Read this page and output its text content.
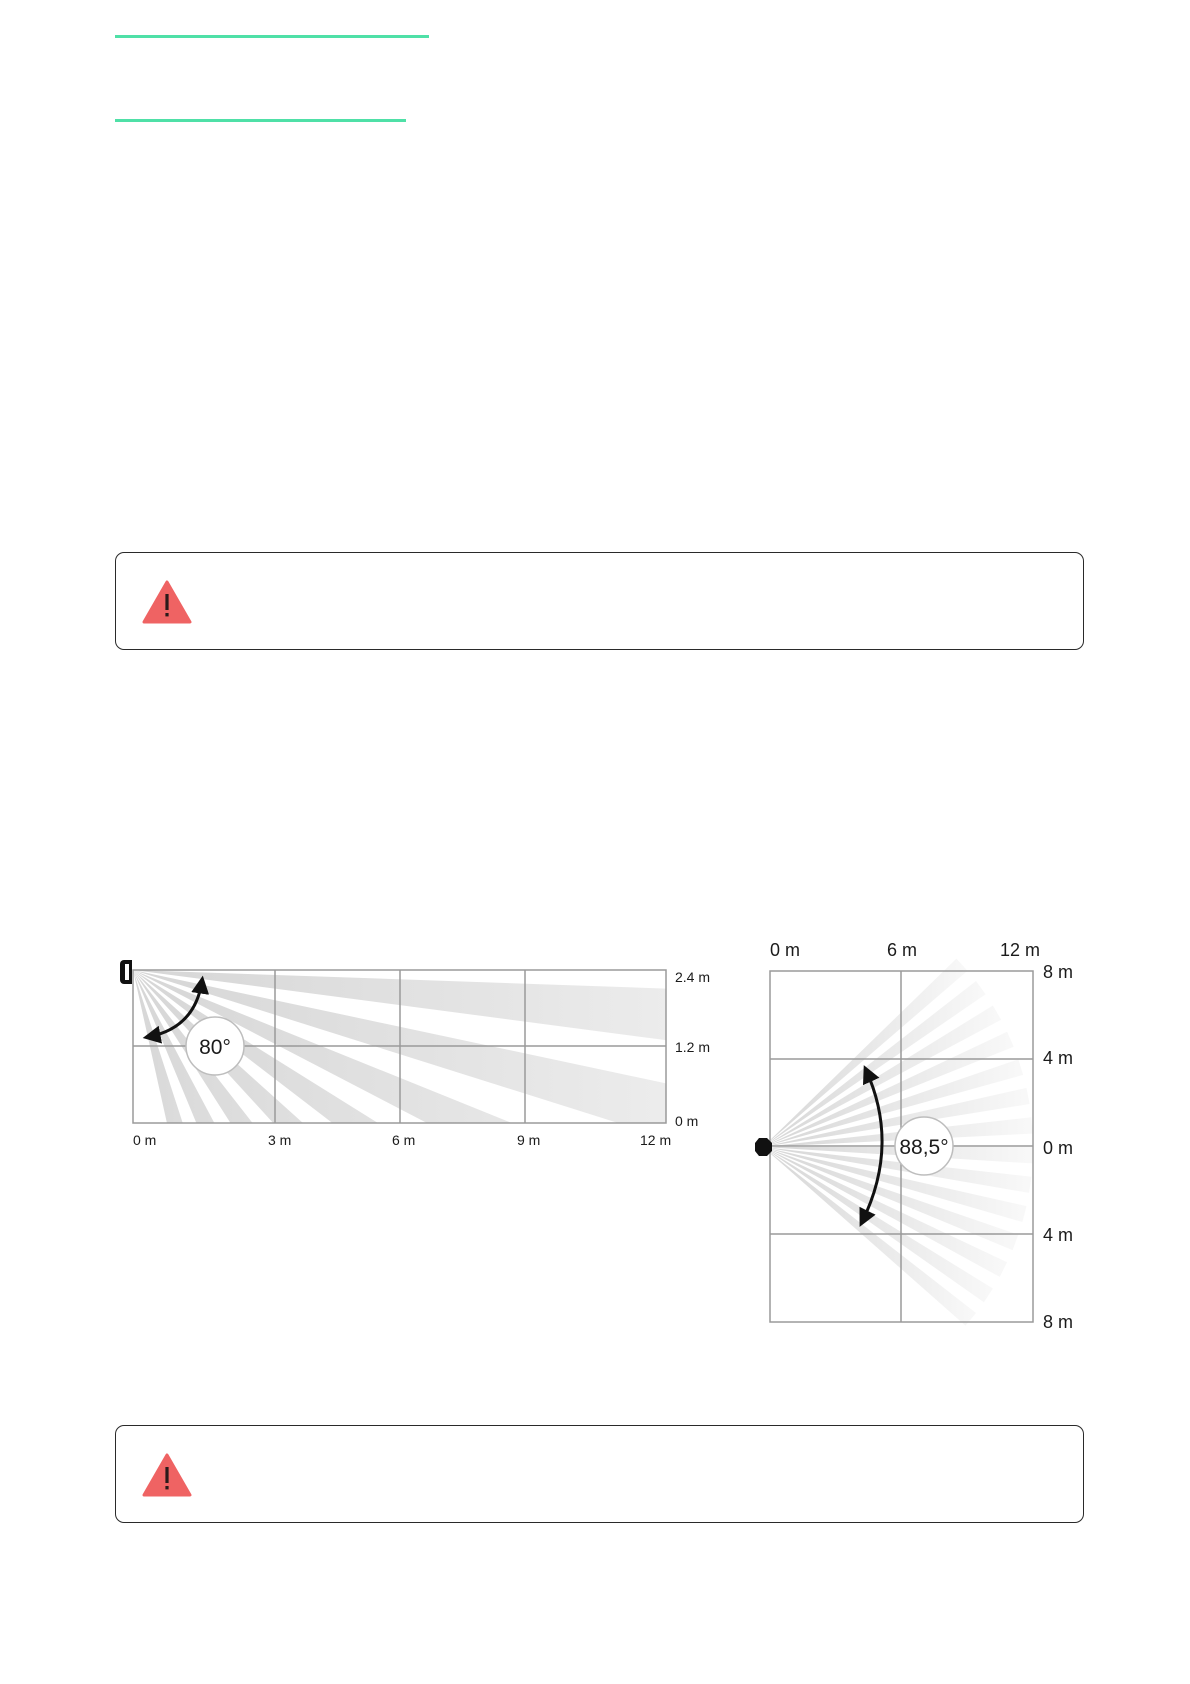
80°
2.4 m
1.2 m
0 m
0 m	3 m	6 m	9 m	12 m	88,5°
0 m	6 m	12 m
8 m
4 m
0 m
4 m
8 m
